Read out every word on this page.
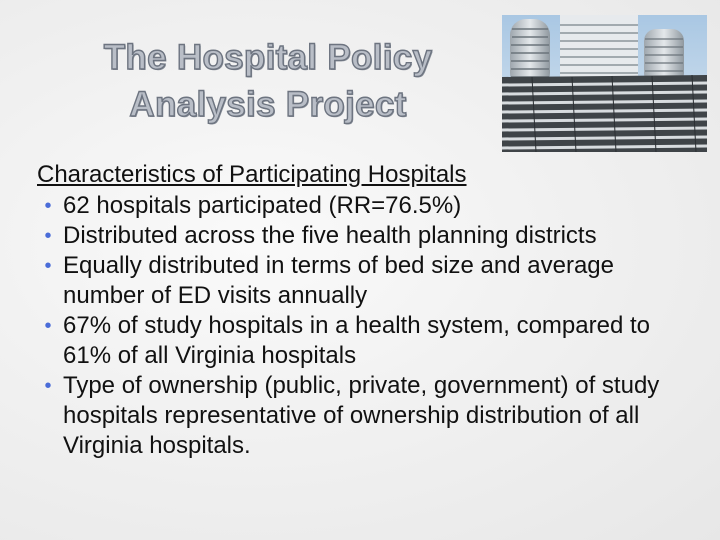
The Hospital Policy
Analysis Project
Characteristics of Participating Hospitals
• 62 hospitals participated (RR=76.5%)
• Distributed across the five health planning districts
• Equally distributed in terms of bed size and average number of ED visits annually
• 67% of study hospitals in a health system, compared to 61% of all Virginia hospitals
• Type of ownership (public, private, government) of study hospitals representative of ownership distribution of all Virginia hospitals.
